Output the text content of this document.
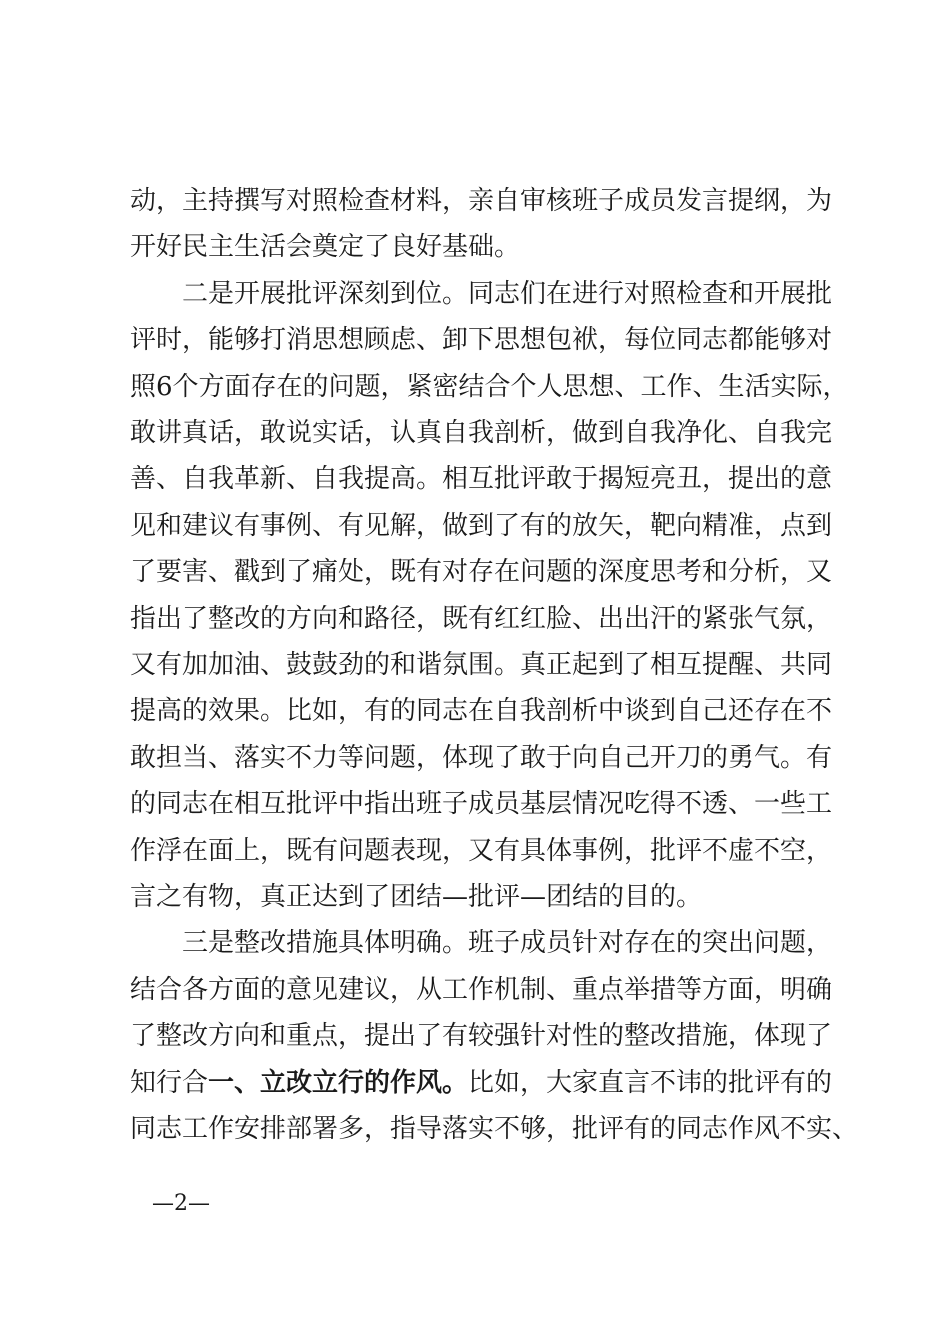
动，主持撰写对照检查材料，亲自审核班子成员发言提纲，为
开好民主生活会奠定了良好基础。
二是开展批评深刻到位。同志们在进行对照检查和开展批
评时，能够打消思想顾虑、卸下思想包袱，每位同志都能够对
照6个方面存在的问题，紧密结合个人思想、工作、生活实际，
敢讲真话，敢说实话，认真自我剖析，做到自我净化、自我完
善、自我革新、自我提高。相互批评敢于揭短亮丑，提出的意
见和建议有事例、有见解，做到了有的放矢，靶向精准，点到
了要害、戳到了痛处，既有对存在问题的深度思考和分析，又
指出了整改的方向和路径，既有红红脸、出出汗的紧张气氛，
又有加加油、鼓鼓劲的和谐氛围。真正起到了相互提醒、共同
提高的效果。比如，有的同志在自我剖析中谈到自己还存在不
敢担当、落实不力等问题，体现了敢于向自己开刀的勇气。有
的同志在相互批评中指出班子成员基层情况吃得不透、一些工
作浮在面上，既有问题表现，又有具体事例，批评不虚不空，
言之有物，真正达到了团结—批评—团结的目的。
三是整改措施具体明确。班子成员针对存在的突出问题，
结合各方面的意见建议，从工作机制、重点举措等方面，明确
了整改方向和重点，提出了有较强针对性的整改措施，体现了
知行合一、立改立行的作风。比如，大家直言不讳的批评有的
同志工作安排部署多，指导落实不够，批评有的同志作风不实、
—2—
